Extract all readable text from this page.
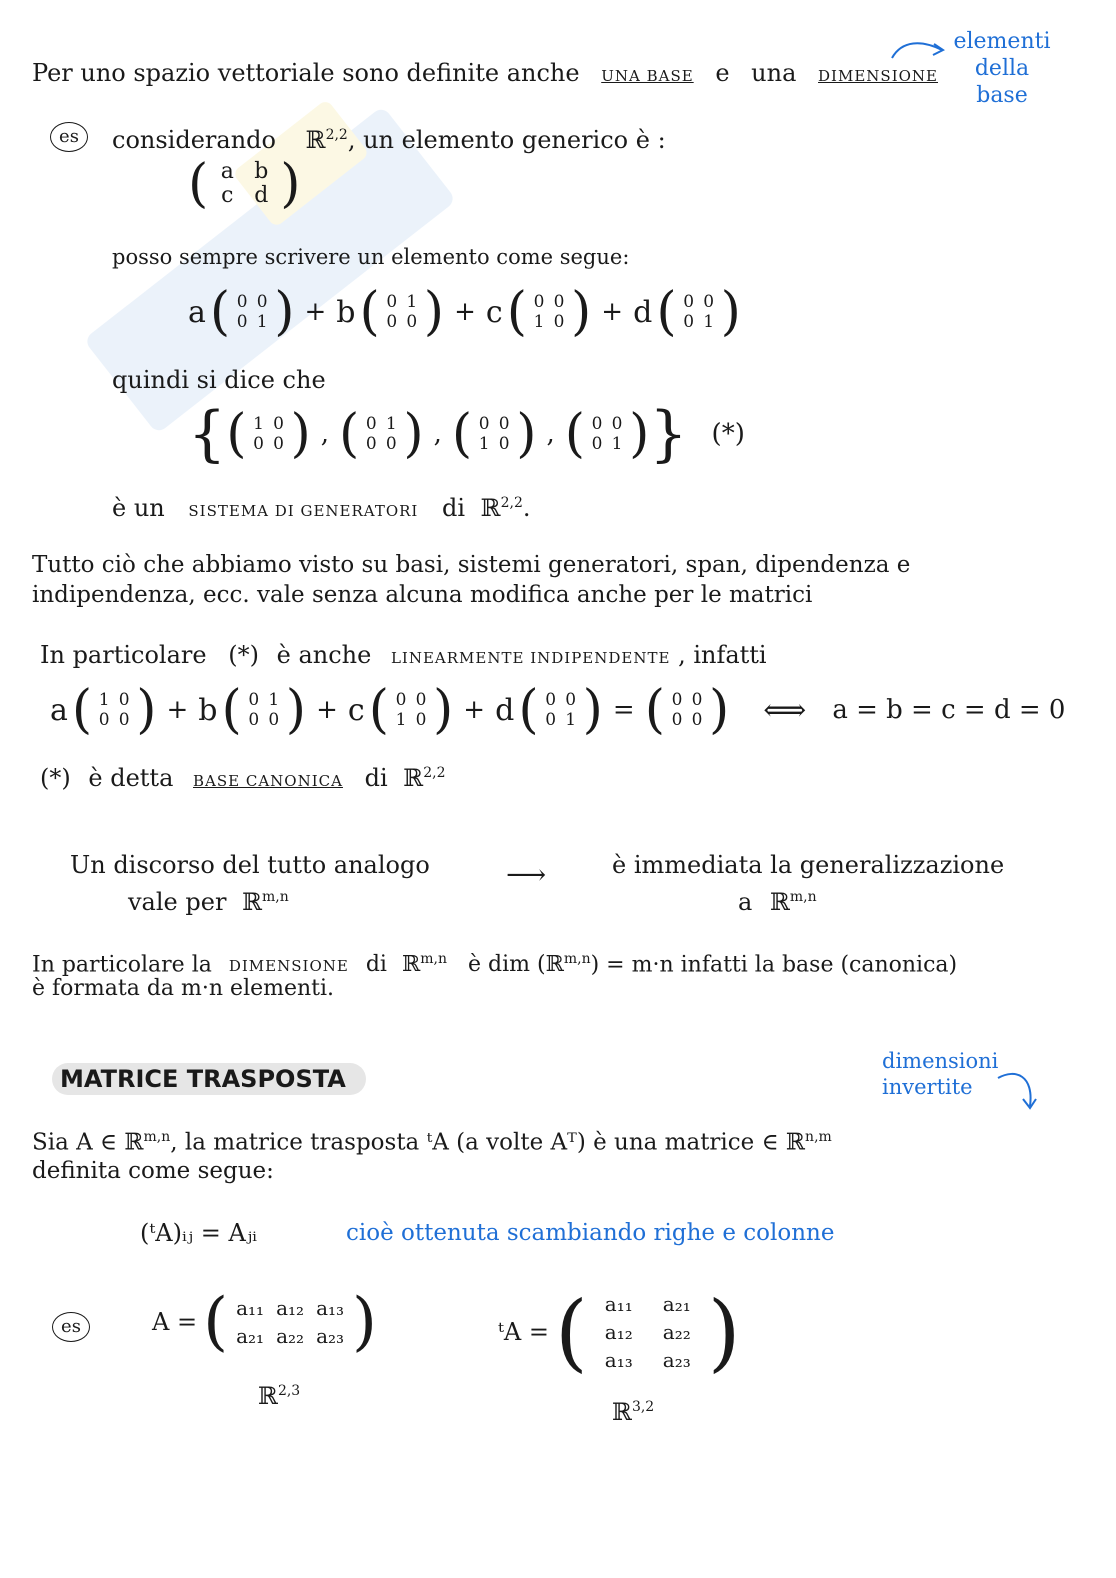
Per uno spazio vettoriale sono definite anche UNA BASE e una DIMENSIONE
elementi
della
base
es	considerando ℝ$^{2,2}$, un elemento generico è :
( a b
c d )
posso sempre scrivere un elemento come segue:
a ( 0 0
0 1 ) + b ( 0 1
0 0 ) + c ( 0 0
1 0 ) + d ( 0 0
0 1 )
quindi si dice che
{ ( 1 0
0 0 ) , ( 0 1
0 0 ) , ( 0 0
1 0 ) , ( 0 0
0 1 ) } (*)
è un SISTEMA DI GENERATORI di ℝ$^{2,2}$.
Tutto ciò che abbiamo visto su basi, sistemi generatori, span, dipendenza e
indipendenza, ecc. vale senza alcuna modifica anche per le matrici
In particolare (*) è anche LINEARMENTE INDIPENDENTE , infatti
a ( 1 0
0 0 ) + b ( 0 1
0 0 ) + c ( 0 0
1 0 ) + d ( 0 0
0 1 ) = ( 0 0
0 0 ) ⟺ a = b = c = d = 0
(*) è detta BASE CANONICA di ℝ$^{2,2}$
Un discorso del tutto analogo
vale per ℝ$^{m,n}$
⟶	è immediata la generalizzazione
a ℝ$^{m,n}$
In particolare la DIMENSIONE di ℝ$^{m,n}$ è dim (ℝ$^{m,n}$) = m·n infatti la base (canonica)
è formata da m·n elementi.
MATRICE TRASPOSTA
dimensioni
invertite
Sia A ∈ ℝ$^{m,n}$, la matrice trasposta ᵗA (a volte Aᵀ) è una matrice ∈ ℝ$^{n,m}$
definita come segue:
(ᵗA)ᵢⱼ = Aⱼᵢ	cioè ottenuta scambiando righe e colonne
es	A = ( a₁₁ a₁₂ a₁₃
a₂₁ a₂₂ a₂₃ )
ℝ$^{2,3}$
ᵗA = ( a₁₁	a₂₁
a₁₂	a₂₂
a₁₃	a₂₃ )
ℝ$^{3,2}$
